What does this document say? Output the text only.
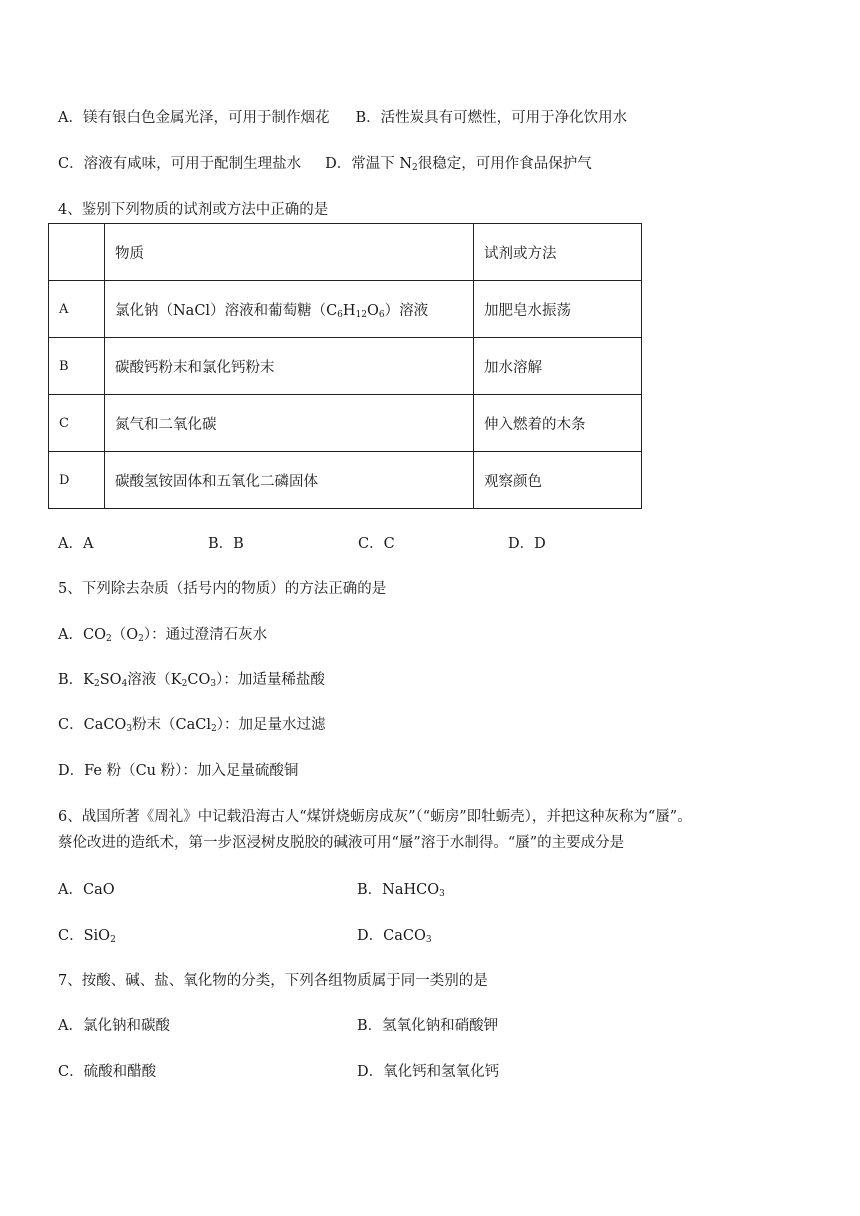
A．镁有银白色金属光泽，可用于制作烟花 B．活性炭具有可燃性，可用于净化饮用水
C．溶液有咸味，可用于配制生理盐水 D．常温下 $N_2$很稳定，可用作食品保护气
4、鉴别下列物质的试剂或方法中正确的是
	物质	试剂或方法
A	氯化钠（NaCl）溶液和葡萄糖$(C_6H_{12}O_6)$溶液	加肥皂水振荡
B	碳酸钙粉末和氯化钙粉末	加水溶解
C	氮气和二氧化碳	伸入燃着的木条
D	碳酸氢铵固体和五氧化二磷固体	观察颜色
A．A	B．B	C．C	D．D
5、下列除去杂质（括号内的物质）的方法正确的是
A．$CO_2(O_2)$：通过澄清石灰水
B．$K_2SO_4$溶液$(K_2CO_3)$：加适量稀盐酸
C．CaCO$_3$粉末（CaCl$_2$）：加足量水过滤
D．Fe 粉（Cu 粉）：加入足量硫酸铜
6、战国所著《周礼》中记载沿海古人“煤饼烧蛎房成灰”（“蛎房”即牡蛎壳），并把这种灰称为“蜃”。
蔡伦改进的造纸术，第一步沤浸树皮脱胶的碱液可用“蜃”溶于水制得。“蜃”的主要成分是
A．CaO	B．NaHCO$_3$
C．SiO$_2$	D．CaCO$_3$
7、按酸、碱、盐、氧化物的分类，下列各组物质属于同一类别的是
A．氯化钠和碳酸	B．氢氧化钠和硝酸钾
C．硫酸和醋酸	D．氧化钙和氢氧化钙
